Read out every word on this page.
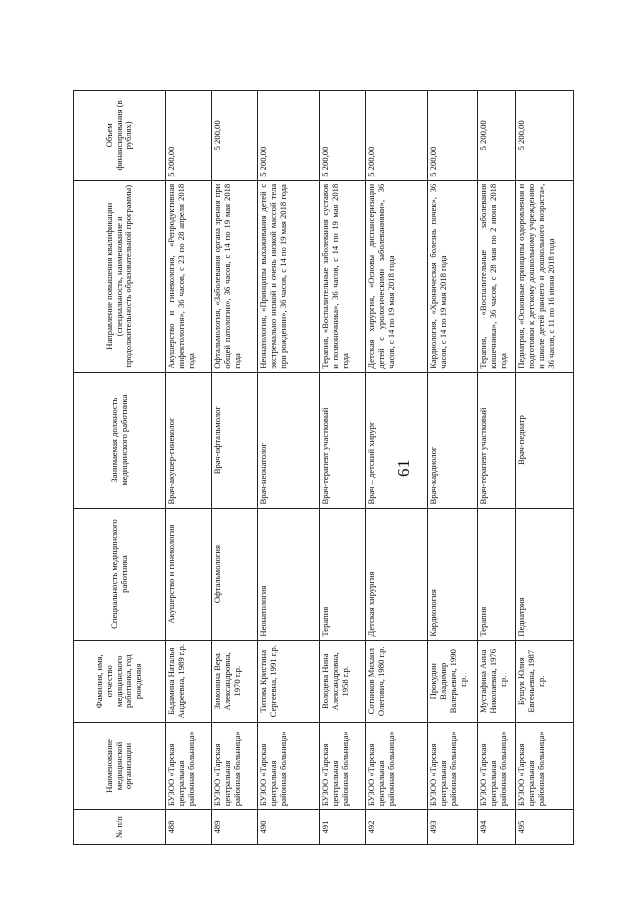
№ п/п	Наименование медицинской организации	Фамилия, имя, отчество медицинского работника, год рождения	Специальность медицинского работника	Занимаемая должность медицинского работника	Направление повышения квалификации (специальность, наименование и продолжительность образовательной программы)	Объем финансирования (в рублях)
488	БУЗОО «Тарская центральная районная больница»	Бадамина Наталья Андреевна, 1989 г.р.	Акушерство и гинекология	Врач-акушер-гинеколог	Акушерство и гинекология, «Репродуктивная инфектология», 36 часов, с 23 по 28 апреля 2018 года	5 200,00
489	БУЗОО «Тарская центральная районная больница»	Зимонина Вера Александровна, 1970 г.р.	Офтальмология	Врач-офтальмолог	Офтальмология, «Заболевания органа зрения при общей патологии», 36 часов, с 14 по 19 мая 2018 года	5 200,00
490	БУЗОО «Тарская центральная районная больница»	Титова Кристина Сергеевна, 1991 г.р.	Неонатология	Врач-неонатолог	Неонатология, «Принципы выхаживания детей с экстремально низкой и очень низкой массой тела при рождении», 36 часов, с 14 по 19 мая 2018 года	5 200,00
491	БУЗОО «Тарская центральная районная больница»	Володева Нина Александровна, 1958 г.р.	Терапия	Врач-терапевт участковый	Терапия, «Воспалительные заболевания суставов и позвоночника», 36 часов, с 14 по 19 мая 2018 года	5 200,00
492	БУЗОО «Тарская центральная районная больница»	Сотников Михаил Олегович, 1980 г.р.	Детская хирургия	Врач – детский хирург	Детская хирургия, «Основы диспансеризации детей с урологическими заболеваниями», 36 часов, с 14 по 19 мая 2018 года	5 200,00
493	БУЗОО «Тарская центральная районная больница»	Прокудин Владимир Валерьевич, 1990 г.р.	Кардиология	Врач-кардиолог	Кардиология, «Хроническая болезнь почек», 36 часов, с 14 по 19 мая 2018 года	5 200,00
494	БУЗОО «Тарская центральная районная больница»	Мустафина Анна Николаевна, 1976 г.р.	Терапия	Врач-терапевт участковый	Терапия, «Воспалительные заболевания кишечника», 36 часов, с 28 мая по 2 июня 2018 года	5 200,00
495	БУЗОО «Тарская центральная районная больница»	Бушук Юлия Евгеньевна, 1987 г.р.	Педиатрия	Врач-педиатр	Педиатрия, «Основные принципы оздоровления и подготовки к детскому дошкольному учреждению и школе детей раннего и дошкольного возраста», 36 часов, с 11 по 16 июня 2018 года	5 200,00
61
